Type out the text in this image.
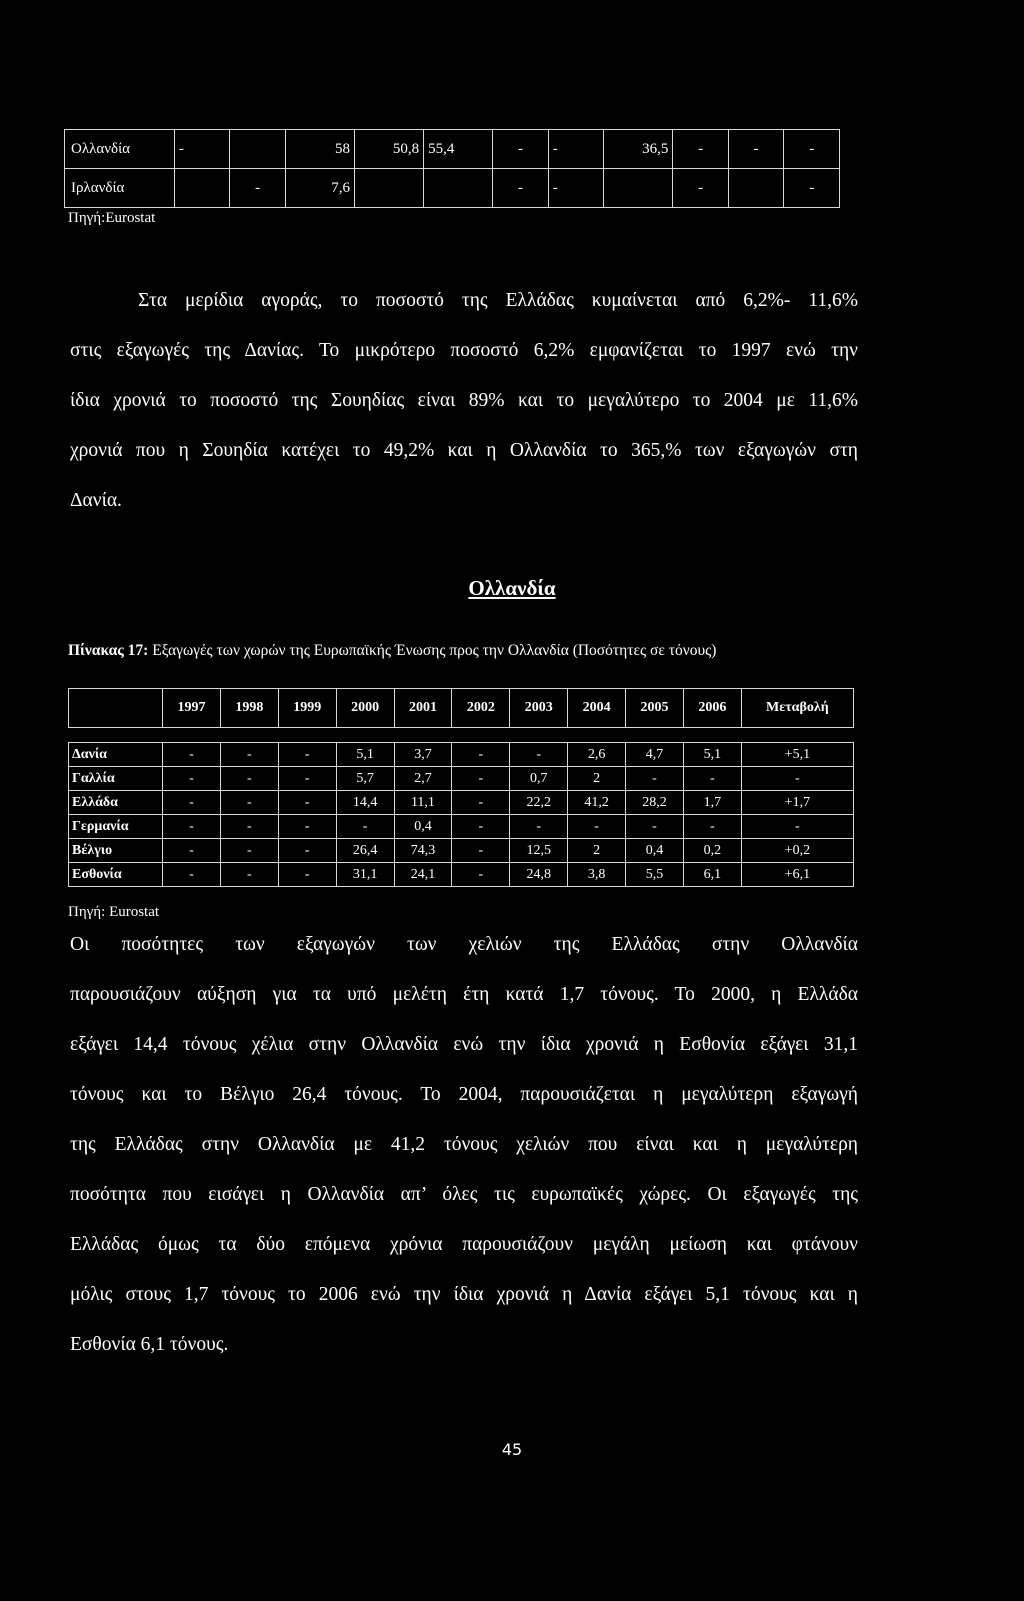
Ολλανδία	-		58	50,8	55,4	-	-	36,5	-	-	-
Ιρλανδία		-	7,6			-	-		-		-
Πηγή:Eurostat
Στα μερίδια αγοράς, το ποσοστό της Ελλάδας κυμαίνεται από 6,2%- 11,6%
στις εξαγωγές της Δανίας. Το μικρότερο ποσοστό 6,2% εμφανίζεται το 1997 ενώ την
ίδια χρονιά το ποσοστό της Σουηδίας είναι 89% και το μεγαλύτερο το 2004 με 11,6%
χρονιά που η Σουηδία κατέχει το 49,2% και η Ολλανδία το 365,% των εξαγωγών στη
Δανία.
Ολλανδία
Πίνακας 17: Εξαγωγές των χωρών της Ευρωπαϊκής Ένωσης προς την Ολλανδία (Ποσότητες σε τόνους)
	1997	1998	1999	2000	2001	2002	2003	2004	2005	2006	Μεταβολή

Δανία	-	-	-	5,1	3,7	-	-	2,6	4,7	5,1	+5,1
Γαλλία	-	-	-	5,7	2,7	-	0,7	2	-	-	-
Ελλάδα	-	-	-	14,4	11,1	-	22,2	41,2	28,2	1,7	+1,7
Γερμανία	-	-	-	-	0,4	-	-	-	-	-	-
Βέλγιο	-	-	-	26,4	74,3	-	12,5	2	0,4	0,2	+0,2
Εσθονία	-	-	-	31,1	24,1	-	24,8	3,8	5,5	6,1	+6,1
Πηγή: Eurostat
Οι ποσότητες των εξαγωγών των χελιών της Ελλάδας στην Ολλανδία
παρουσιάζουν αύξηση για τα υπό μελέτη έτη κατά 1,7 τόνους. Το 2000, η Ελλάδα
εξάγει 14,4 τόνους χέλια στην Ολλανδία ενώ την ίδια χρονιά η Εσθονία εξάγει 31,1
τόνους και το Βέλγιο 26,4 τόνους. Το 2004, παρουσιάζεται η μεγαλύτερη εξαγωγή
της Ελλάδας στην Ολλανδία με 41,2 τόνους χελιών που είναι και η μεγαλύτερη
ποσότητα που εισάγει η Ολλανδία απ’ όλες τις ευρωπαϊκές χώρες. Οι εξαγωγές της
Ελλάδας όμως τα δύο επόμενα χρόνια παρουσιάζουν μεγάλη μείωση και φτάνουν
μόλις στους 1,7 τόνους το 2006 ενώ την ίδια χρονιά η Δανία εξάγει 5,1 τόνους και η
Εσθονία 6,1 τόνους.
45
